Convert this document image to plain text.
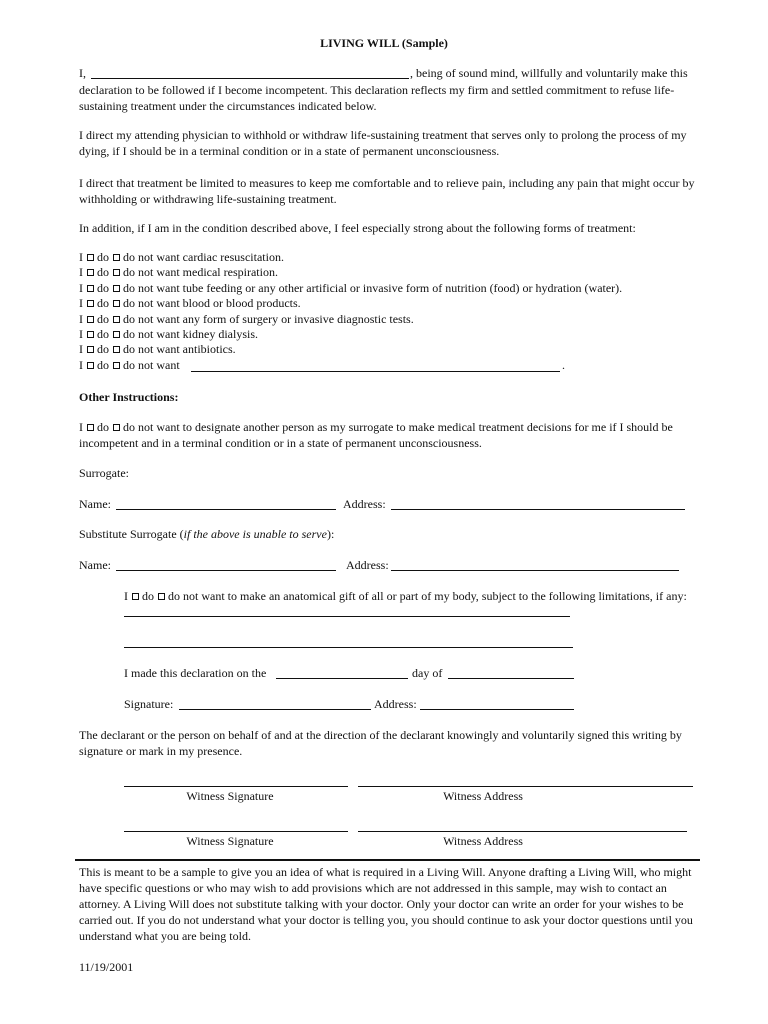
LIVING WILL (Sample)
I,	, being of sound mind, willfully and voluntarily make this
declaration to be followed if I become incompetent. This declaration reflects my firm and settled commitment to refuse life-sustaining treatment under the circumstances indicated below.
I direct my attending physician to withhold or withdraw life-sustaining treatment that serves only to prolong the process of my dying, if I should be in a terminal condition or in a state of permanent unconsciousness.
I direct that treatment be limited to measures to keep me comfortable and to relieve pain, including any pain that might occur by withholding or withdrawing life-sustaining treatment.
In addition, if I am in the condition described above, I feel especially strong about the following forms of treatment:
I do do not want cardiac resuscitation.
I do do not want medical respiration.
I do do not want tube feeding or any other artificial or invasive form of nutrition (food) or hydration (water).
I do do not want blood or blood products.
I do do not want any form of surgery or invasive diagnostic tests.
I do do not want kidney dialysis.
I do do not want antibiotics.
I do do not want	.
Other Instructions:
I do do not want to designate another person as my surrogate to make medical treatment decisions for me if I should be incompetent and in a terminal condition or in a state of permanent unconsciousness.
Surrogate:
Name:	Address:
Substitute Surrogate (if the above is unable to serve):
Name:	Address:
I do do not want to make an anatomical gift of all or part of my body, subject to the following limitations, if any:
I made this declaration on the	day of
Signature:	Address:
The declarant or the person on behalf of and at the direction of the declarant knowingly and voluntarily signed this writing by signature or mark in my presence.
Witness Signature	Witness Address
Witness Signature	Witness Address
This is meant to be a sample to give you an idea of what is required in a Living Will. Anyone drafting a Living Will, who might have specific questions or who may wish to add provisions which are not addressed in this sample, may wish to contact an attorney. A Living Will does not substitute talking with your doctor. Only your doctor can write an order for your wishes to be carried out. If you do not understand what your doctor is telling you, you should continue to ask your doctor questions until you understand what you are being told.
11/19/2001
